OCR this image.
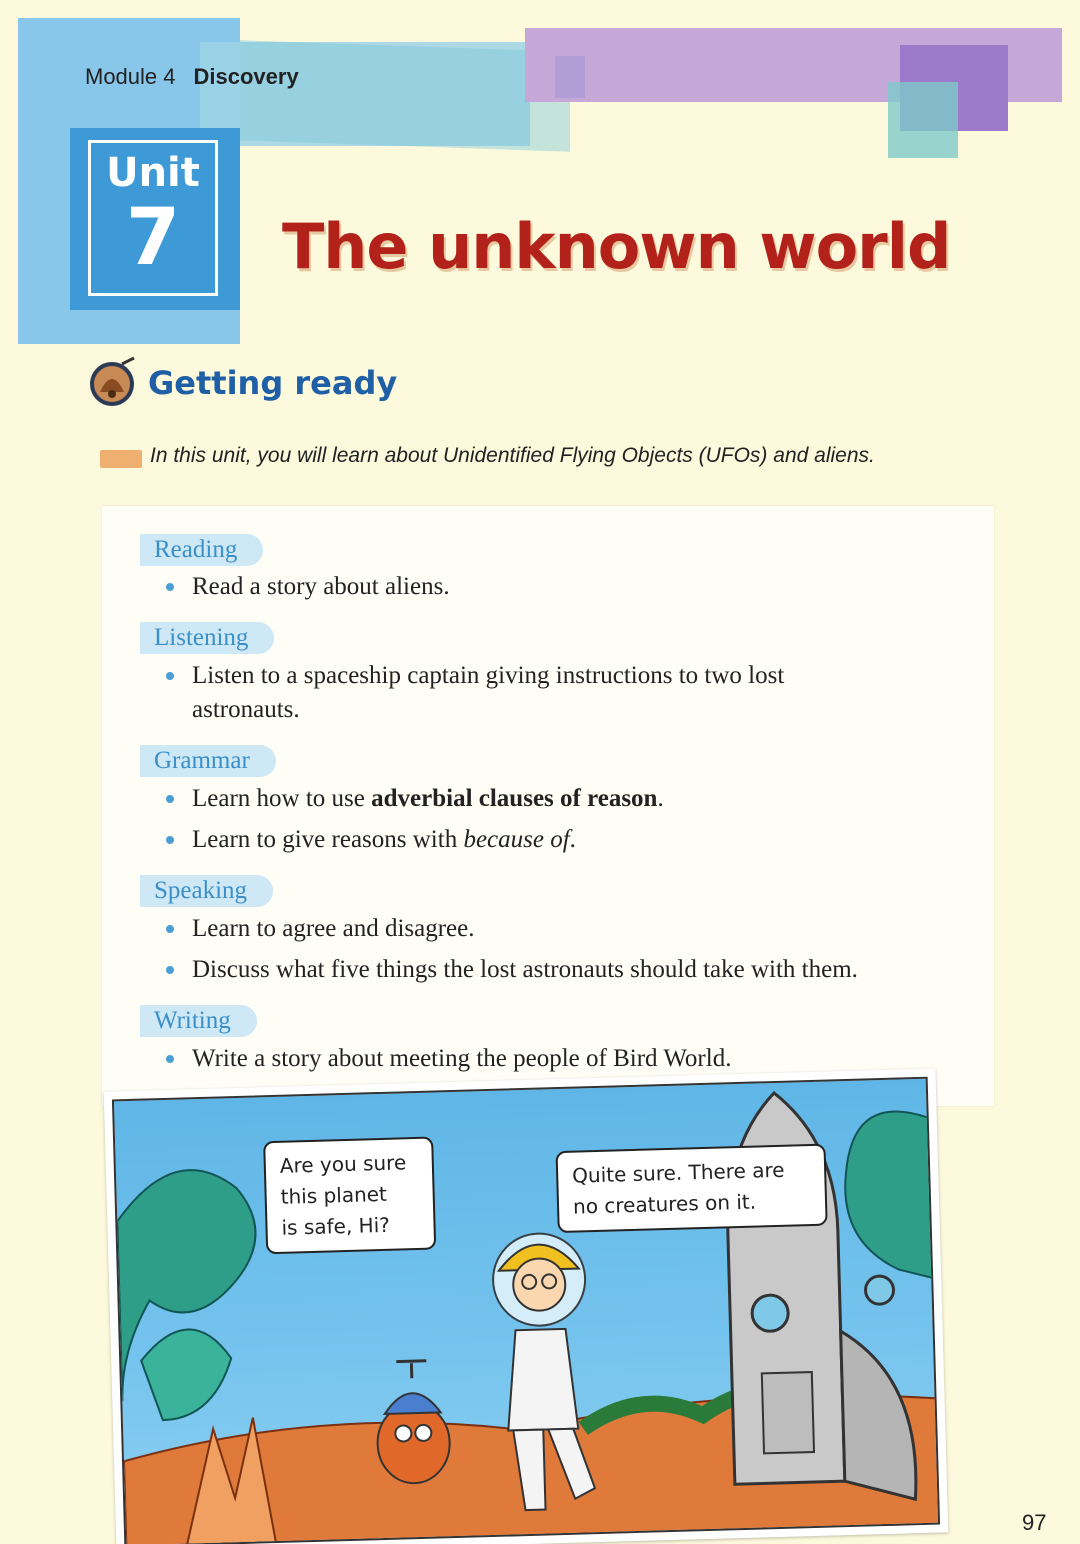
Module 4 Discovery
Unit
7	The unknown world
Getting ready
In this unit, you will learn about Unidentified Flying Objects (UFOs) and aliens.
Reading
Read a story about aliens.
Listening
Listen to a spaceship captain giving instructions to two lost
astronauts.
Grammar
Learn how to use adverbial clauses of reason.
Learn to give reasons with because of.
Speaking
Learn to agree and disagree.
Discuss what five things the lost astronauts should take with them.
Writing
Write a story about meeting the people of Bird World.
Are you sure
this planet
is safe, Hi?
Quite sure. There are
no creatures on it.
97
